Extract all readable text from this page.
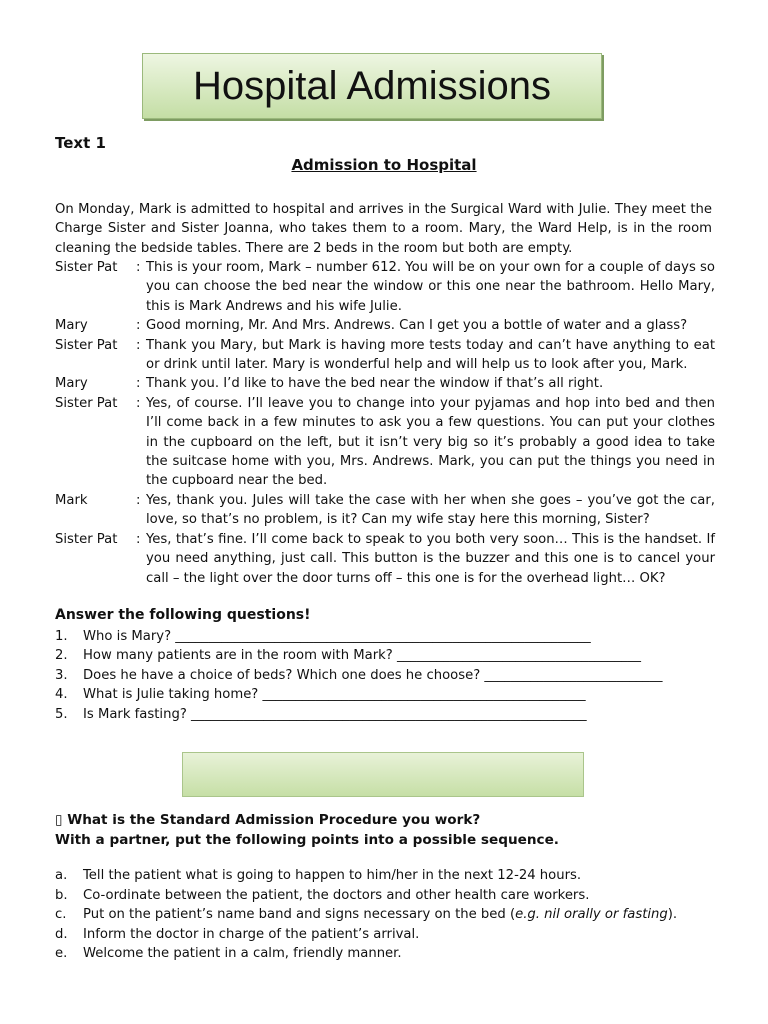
Hospital Admissions
Text 1
Admission to Hospital

On Monday, Mark is admitted to hospital and arrives in the Surgical Ward with Julie. They meet the Charge Sister and Sister Joanna, who takes them to a room. Mary, the Ward Help, is in the room cleaning the bedside tables. There are 2 beds in the room but both are empty.

Sister Pat	: This is your room, Mark – number 612. You will be on your own for a couple of days so you can choose the bed near the window or this one near the bathroom. Hello Mary, this is Mark Andrews and his wife Julie.
Mary	: Good morning, Mr. And Mrs. Andrews. Can I get you a bottle of water and a glass?
Sister Pat	: Thank you Mary, but Mark is having more tests today and can’t have anything to eat or drink until later. Mary is wonderful help and will help us to look after you, Mark.
Mary	: Thank you. I’d like to have the bed near the window if that’s all right.
Sister Pat	: Yes, of course. I’ll leave you to change into your pyjamas and hop into bed and then I’ll come back in a few minutes to ask you a few questions. You can put your clothes in the cupboard on the left, but it isn’t very big so it’s probably a good idea to take the suitcase home with you, Mrs. Andrews. Mark, you can put the things you need in the cupboard near the bed.
Mark	: Yes, thank you. Jules will take the case with her when she goes – you’ve got the car, love, so that’s no problem, is it? Can my wife stay here this morning, Sister?
Sister Pat	: Yes, that’s fine. I’ll come back to speak to you both very soon… This is the handset. If you need anything, just call. This button is the buzzer and this one is to cancel your call – the light over the door turns off – this one is for the overhead light… OK?
Answer the following questions!
1.	Who is Mary? _______________________________________________________________
2.	How many patients are in the room with Mark? _____________________________________
3.	Does he have a choice of beds? Which one does he choose? ___________________________
4.	What is Julie taking home? _________________________________________________
5.	Is Mark fasting? ____________________________________________________________
▯ What is the Standard Admission Procedure you work?
With a partner, put the following points into a possible sequence.
a.	Tell the patient what is going to happen to him/her in the next 12-24 hours.
b.	Co-ordinate between the patient, the doctors and other health care workers.
c.	Put on the patient’s name band and signs necessary on the bed (e.g. nil orally or fasting).
d.	Inform the doctor in charge of the patient’s arrival.
e.	Welcome the patient in a calm, friendly manner.
